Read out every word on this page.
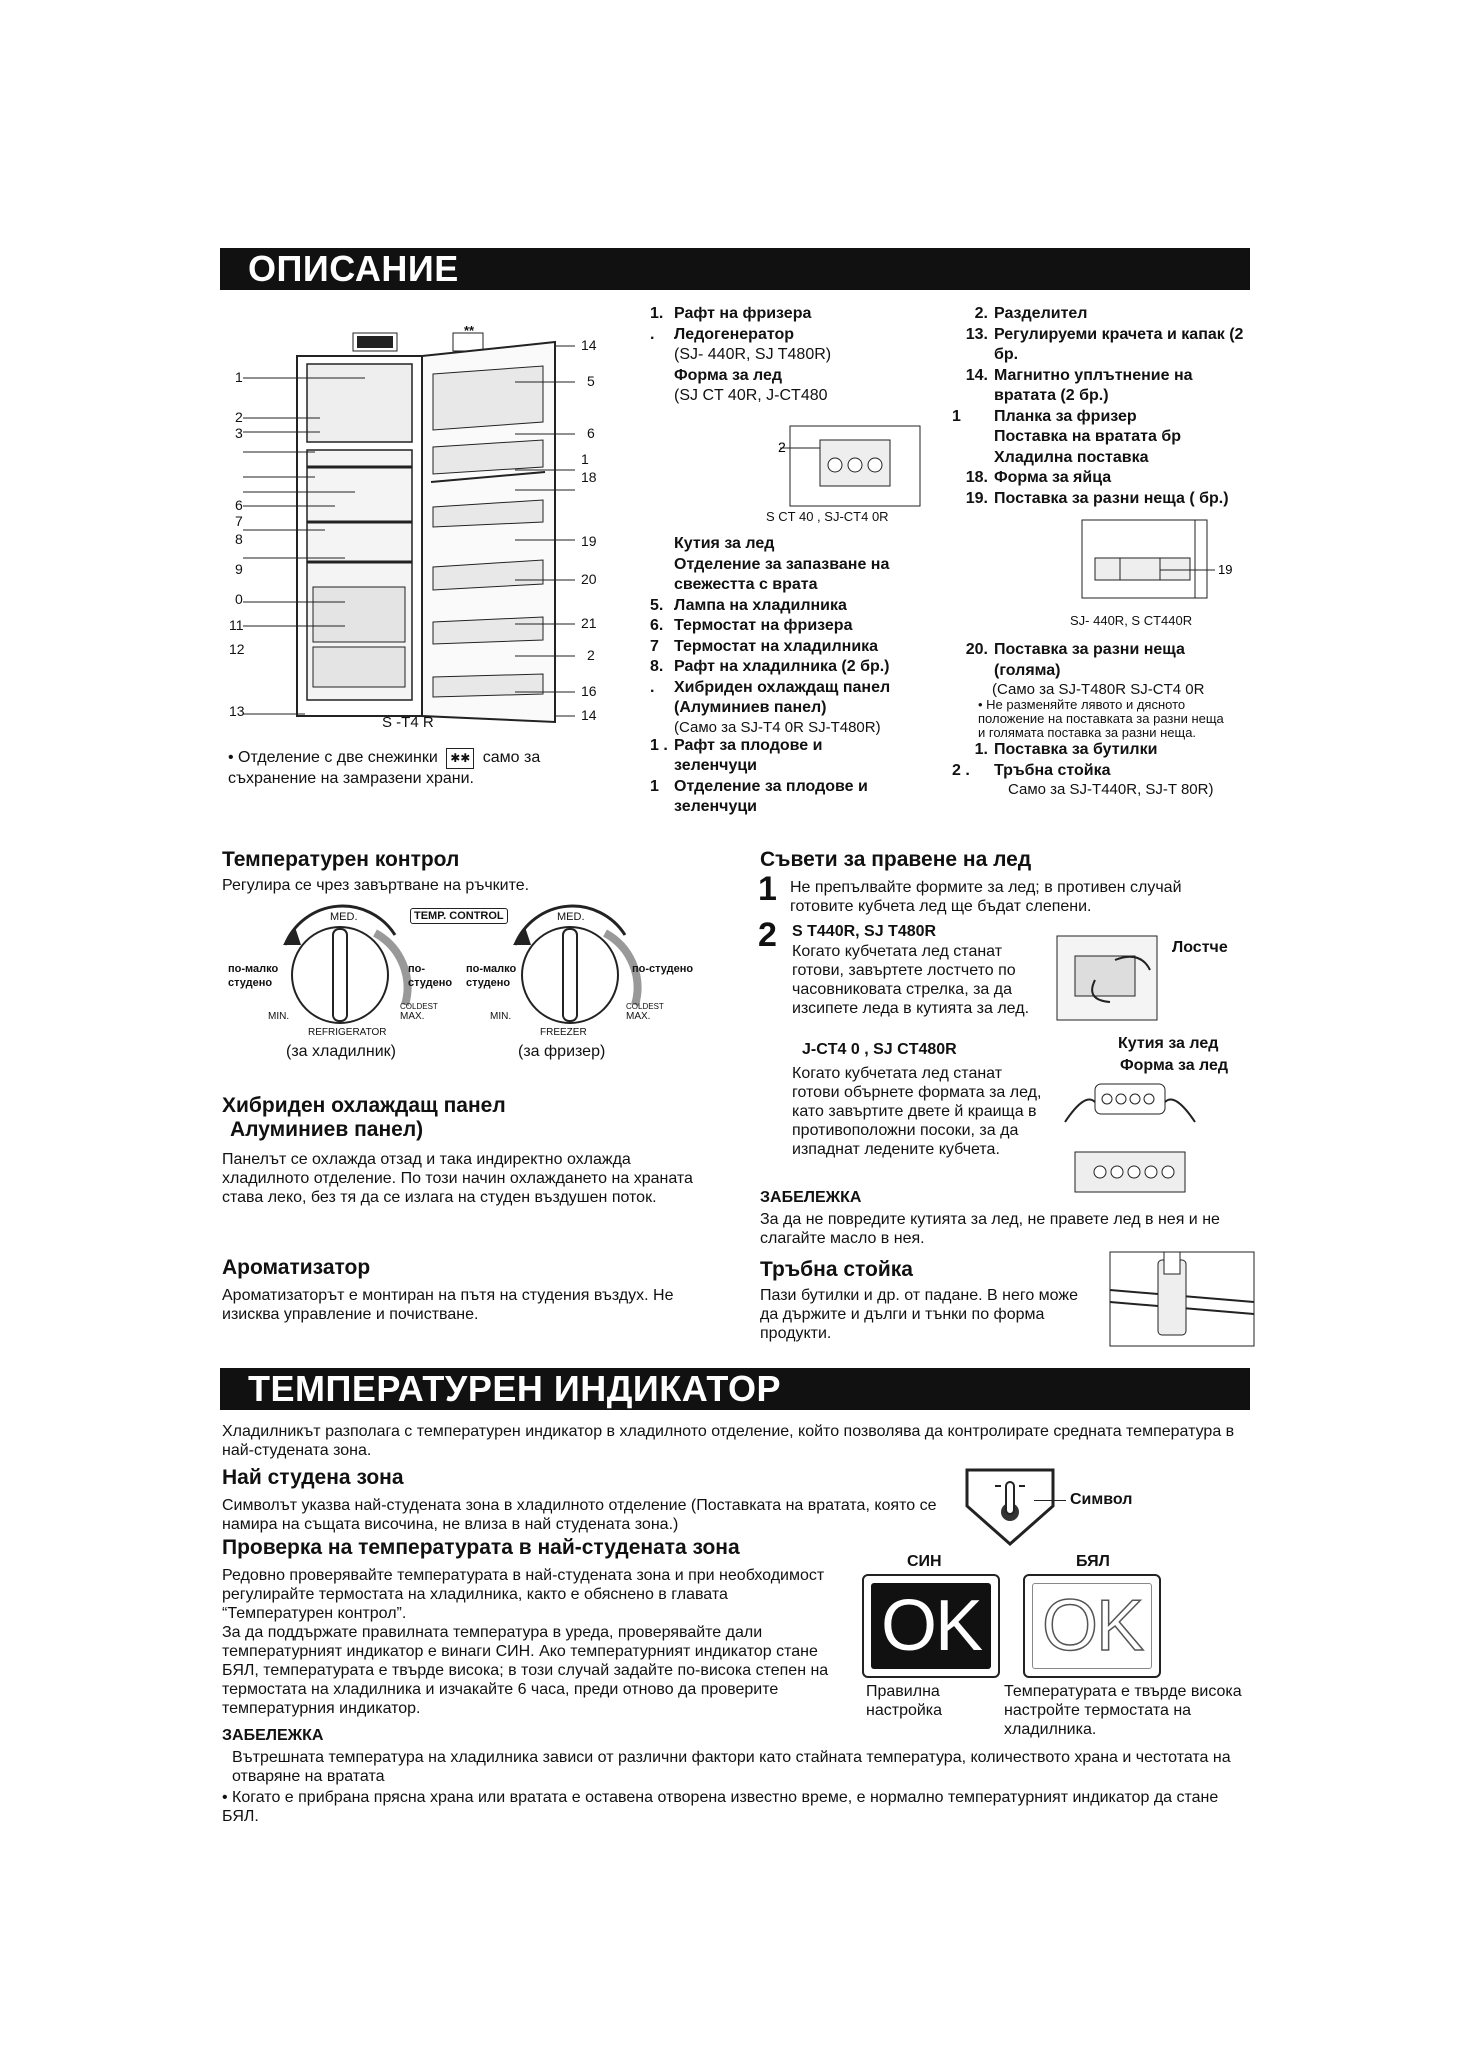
ОПИСАНИЕ
1
2
3
6
7
8
9
0
11
12
13
14
5
6
1
18
19
20
21
2
16
14
S -T4 R
***	**
• Отделение с две снежинки ✱✱ само за съхранение на замразени храни.
1. Рафт на фризера
. Ледогенератор
(SJ- 440R, SJ T480R)
Форма за лед
(SJ CT 40R, J-CT480
2
S CT 40 , SJ-CT4 0R
Кутия за лед
Отделение за запазване на свежестта с врата
5. Лампа на хладилника
6. Термостат на фризера
7 Термостат на хладилника
8. Рафт на хладилника (2 бр.)
. Хибриден охлаждащ панел (Алуминиев панел)
(Само за SJ-T4 0R SJ-T480R)
1 . Рафт за плодове и зеленчуци
1 Отделение за плодове и зеленчуци
2. Разделител
13. Регулируеми крачета и капак (2 бр.
14. Магнитно уплътнение на вратата (2 бр.)
1 Планка за фризер
Поставка на вратата бр
Хладилна поставка
18. Форма за яйца
19. Поставка за разни неща ( бр.)
19
SJ- 440R, S CT440R
20. Поставка за разни неща (голяма)
(Само за SJ-T480R SJ-CT4 0R
• Не разменяйте лявото и дясното положение на поставката за разни неща и голямата поставка за разни неща.
1. Поставка за бутилки
2 . Тръбна стойка
Само за SJ-T440R, SJ-T 80R)
Температурен контрол
Регулира се чрез завъртване на ръчките.
MED.	MED.
TEMP. CONTROL
по-малко студено
по-студено
по-малко студено
по-студено
MIN.
COLDEST
MAX.	MIN.
COLDEST
MAX.
REFRIGERATOR	FREEZER
(за хладилник)	(за фризер)
Хибриден охлаждащ панел
Алуминиев панел)
Панелът се охлажда отзад и така индиректно охлажда хладилното отделение. По този начин охлаждането на храната става леко, без тя да се излага на студен въздушен поток.
Ароматизатор
Ароматизаторът е монтиран на пътя на студения въздух. Не изисква управление и почистване.
Съвети за правене на лед
1 Не препълвайте формите за лед; в противен случай готовите кубчета лед ще бъдат слепени.
2 S T440R, SJ T480R
Когато кубчетата лед станат готови, завъртете лостчето по часовниковата стрелка, за да изсипете леда в кутията за лед.
Лостче
J-CT4 0 , SJ CT480R	Кутия за лед
Форма за лед
Когато кубчетата лед станат готови обърнете формата за лед, като завъртите двете й краища в противоположни посоки, за да изпаднат ледените кубчета.
ЗАБЕЛЕЖКА
За да не повредите кутията за лед, не правете лед в нея и не слагайте масло в нея.
Тръбна стойка
Пази бутилки и др. от падане. В него може да държите и дълги и тънки по форма продукти.
ТЕМПЕРАТУРЕН ИНДИКАТОР
Хладилникът разполага с температурен индикатор в хладилното отделение, който позволява да контролирате средната температура в най-студената зона.
Най студена зона
Символът указва най-студената зона в хладилното отделение (Поставката на вратата, която се намира на същата височина, не влиза в най студената зона.)
Символ
Проверка на температурата в най-студената зона
Редовно проверявайте температурата в най-студената зона и при необходимост регулирайте термостата на хладилника, както е обяснено в главата “Температурен контрол”.
За да поддържате правилната температура в уреда, проверявайте дали температурният индикатор е винаги СИН. Ако температурният индикатор стане БЯЛ, температурата е твърде висока; в този случай задайте по-висока степен на термостата на хладилника и изчакайте 6 часа, преди отново да проверите температурния индикатор.
СИН	БЯЛ
OK OK
Правилна настройка
Температурата е твърде висока настройте термостата на хладилника.
ЗАБЕЛЕЖКА
Вътрешната температура на хладилника зависи от различни фактори като стайната температура, количеството храна и честотата на отваряне на вратата
• Когато е прибрана прясна храна или вратата е оставена отворена известно време, е нормално температурният индикатор да стане БЯЛ.
